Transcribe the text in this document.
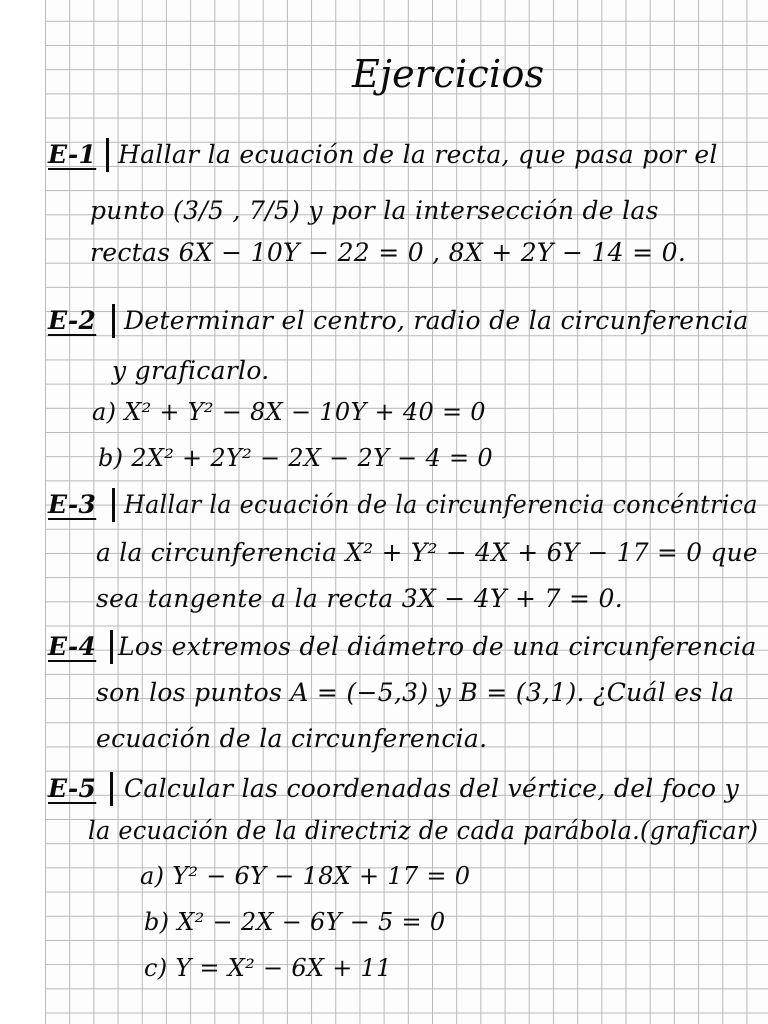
Ejercicios
E-1 Hallar la ecuación de la recta, que pasa por el
punto (3/5 , 7/5) y por la intersección de las
rectas 6X − 10Y − 22 = 0 , 8X + 2Y − 14 = 0.
E-2 Determinar el centro, radio de la circunferencia
y graficarlo.
a) X² + Y² − 8X − 10Y + 40 = 0
b) 2X² + 2Y² − 2X − 2Y − 4 = 0
E-3 Hallar la ecuación de la circunferencia concéntrica
a la circunferencia X² + Y² − 4X + 6Y − 17 = 0 que
sea tangente a la recta 3X − 4Y + 7 = 0.
E-4 Los extremos del diámetro de una circunferencia
son los puntos A = (−5,3) y B = (3,1). ¿Cuál es la
ecuación de la circunferencia.
E-5 Calcular las coordenadas del vértice, del foco y
la ecuación de la directriz de cada parábola.(graficar)
a) Y² − 6Y − 18X + 17 = 0
b) X² − 2X − 6Y − 5 = 0
c) Y = X² − 6X + 11
